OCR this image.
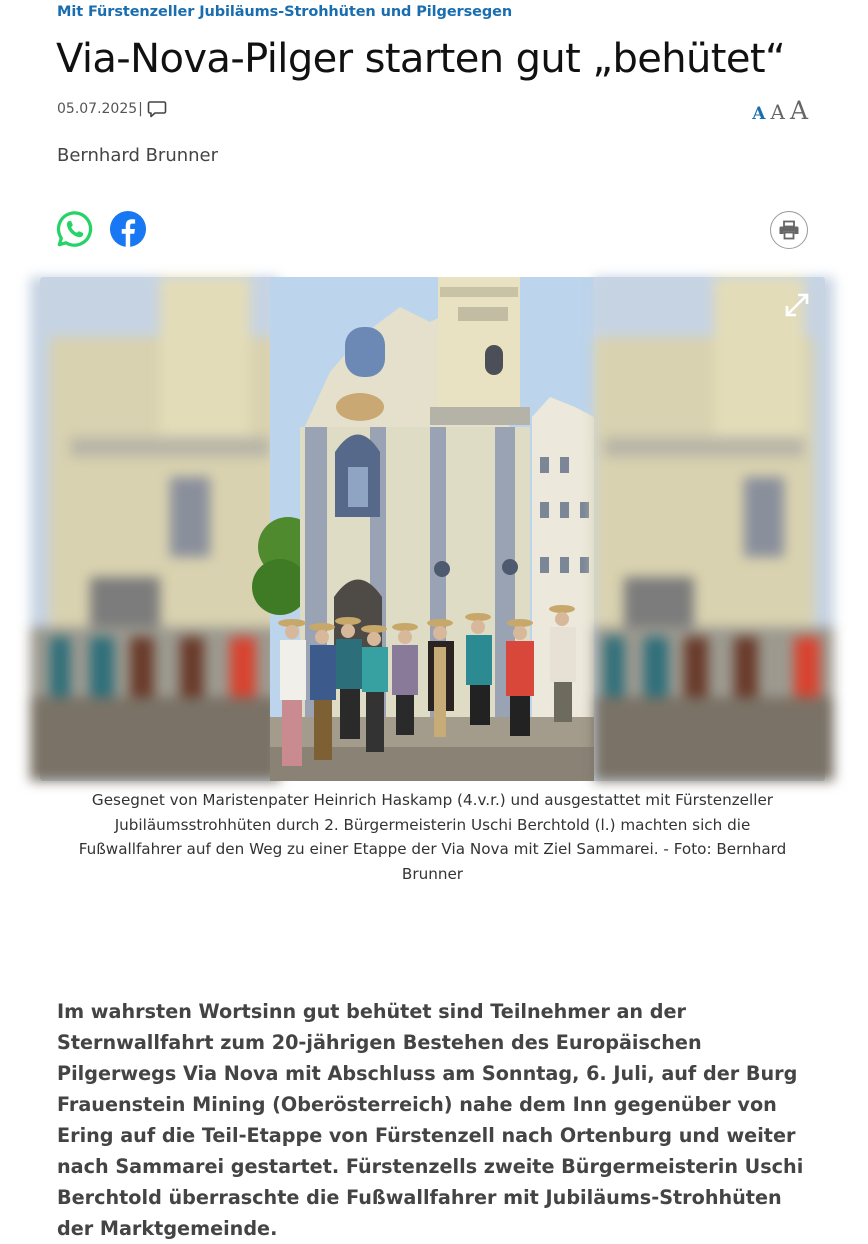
Mit Fürstenzeller Jubiläums-Strohhüten und Pilgersegen
Via-Nova-Pilger starten gut „behütet“
05.07.2025 |	A A A
Bernhard Brunner

Gesegnet von Maristenpater Heinrich Haskamp (4.v.r.) und ausgestattet mit Fürstenzeller Jubiläumsstrohhüten durch 2. Bürgermeisterin Uschi Berchtold (l.) machten sich die Fußwallfahrer auf den Weg zu einer Etappe der Via Nova mit Ziel Sammarei. - Foto: Bernhard Brunner

Im wahrsten Wortsinn gut behütet sind Teilnehmer an der Sternwallfahrt zum 20-jährigen Bestehen des Europäischen Pilgerwegs Via Nova mit Abschluss am Sonntag, 6. Juli, auf der Burg Frauenstein Mining (Oberösterreich) nahe dem Inn gegenüber von Ering auf die Teil-Etappe von Fürstenzell nach Ortenburg und weiter nach Sammarei gestartet. Fürstenzells zweite Bürgermeisterin Uschi Berchtold überraschte die Fußwallfahrer mit Jubiläums-Strohhüten der Marktgemeinde.
